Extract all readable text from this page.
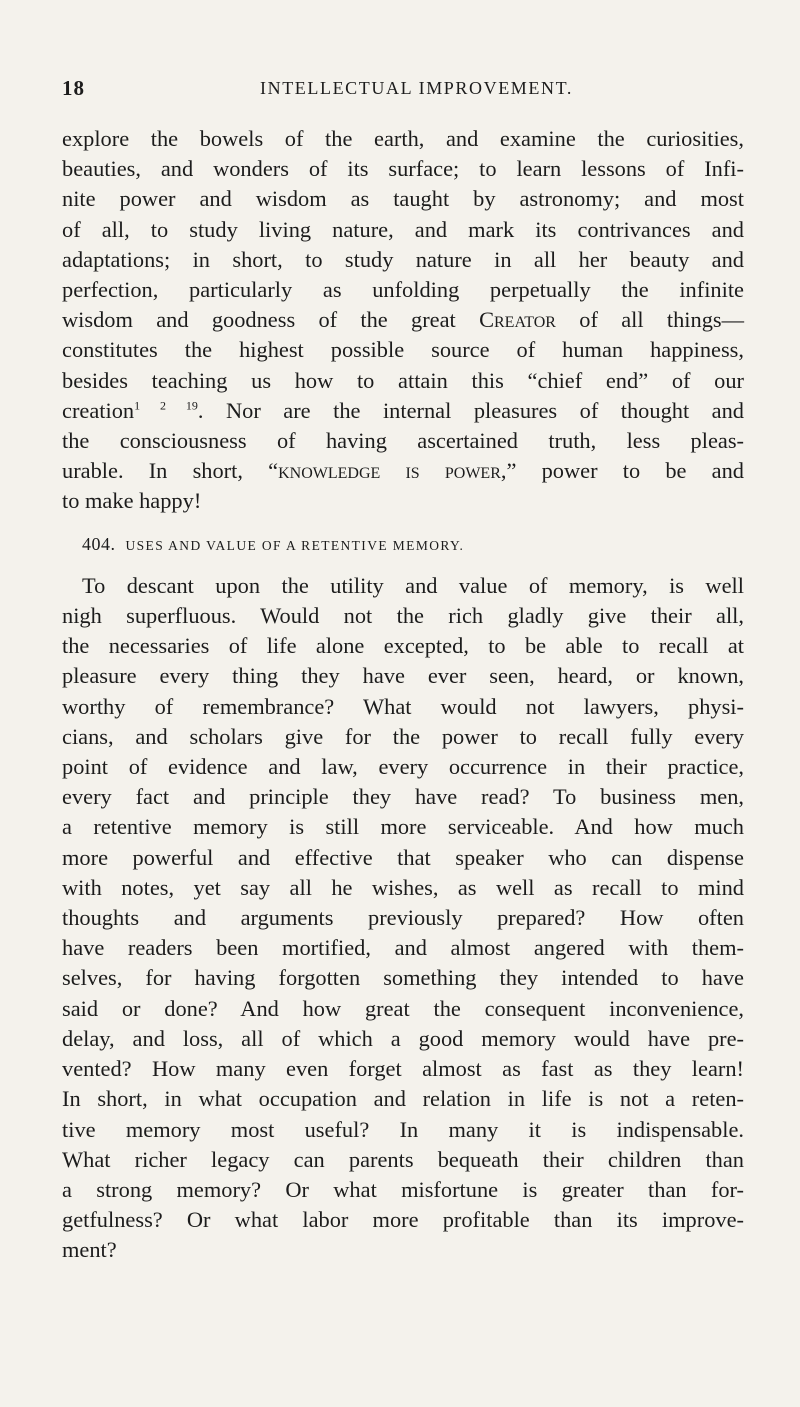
18	INTELLECTUAL IMPROVEMENT.
explore the bowels of the earth, and examine the curiosities,
beauties, and wonders of its surface; to learn lessons of Infi-
nite power and wisdom as taught by astronomy; and most
of all, to study living nature, and mark its contrivances and
adaptations; in short, to study nature in all her beauty and
perfection, particularly as unfolding perpetually the infinite
wisdom and goodness of the great Creator of all things—
constitutes the highest possible source of human happiness,
besides teaching us how to attain this “chief end” of our
creation$^{1 2 19}$. Nor are the internal pleasures of thought and
the consciousness of having ascertained truth, less pleas-
urable. In short, “knowledge is power,” power to be and
to make happy!
404. USES AND VALUE OF A RETENTIVE MEMORY.
To descant upon the utility and value of memory, is well
nigh superfluous. Would not the rich gladly give their all,
the necessaries of life alone excepted, to be able to recall at
pleasure every thing they have ever seen, heard, or known,
worthy of remembrance? What would not lawyers, physi-
cians, and scholars give for the power to recall fully every
point of evidence and law, every occurrence in their practice,
every fact and principle they have read? To business men,
a retentive memory is still more serviceable. And how much
more powerful and effective that speaker who can dispense
with notes, yet say all he wishes, as well as recall to mind
thoughts and arguments previously prepared? How often
have readers been mortified, and almost angered with them-
selves, for having forgotten something they intended to have
said or done? And how great the consequent inconvenience,
delay, and loss, all of which a good memory would have pre-
vented? How many even forget almost as fast as they learn!
In short, in what occupation and relation in life is not a reten-
tive memory most useful? In many it is indispensable.
What richer legacy can parents bequeath their children than
a strong memory? Or what misfortune is greater than for-
getfulness? Or what labor more profitable than its improve-
ment?
